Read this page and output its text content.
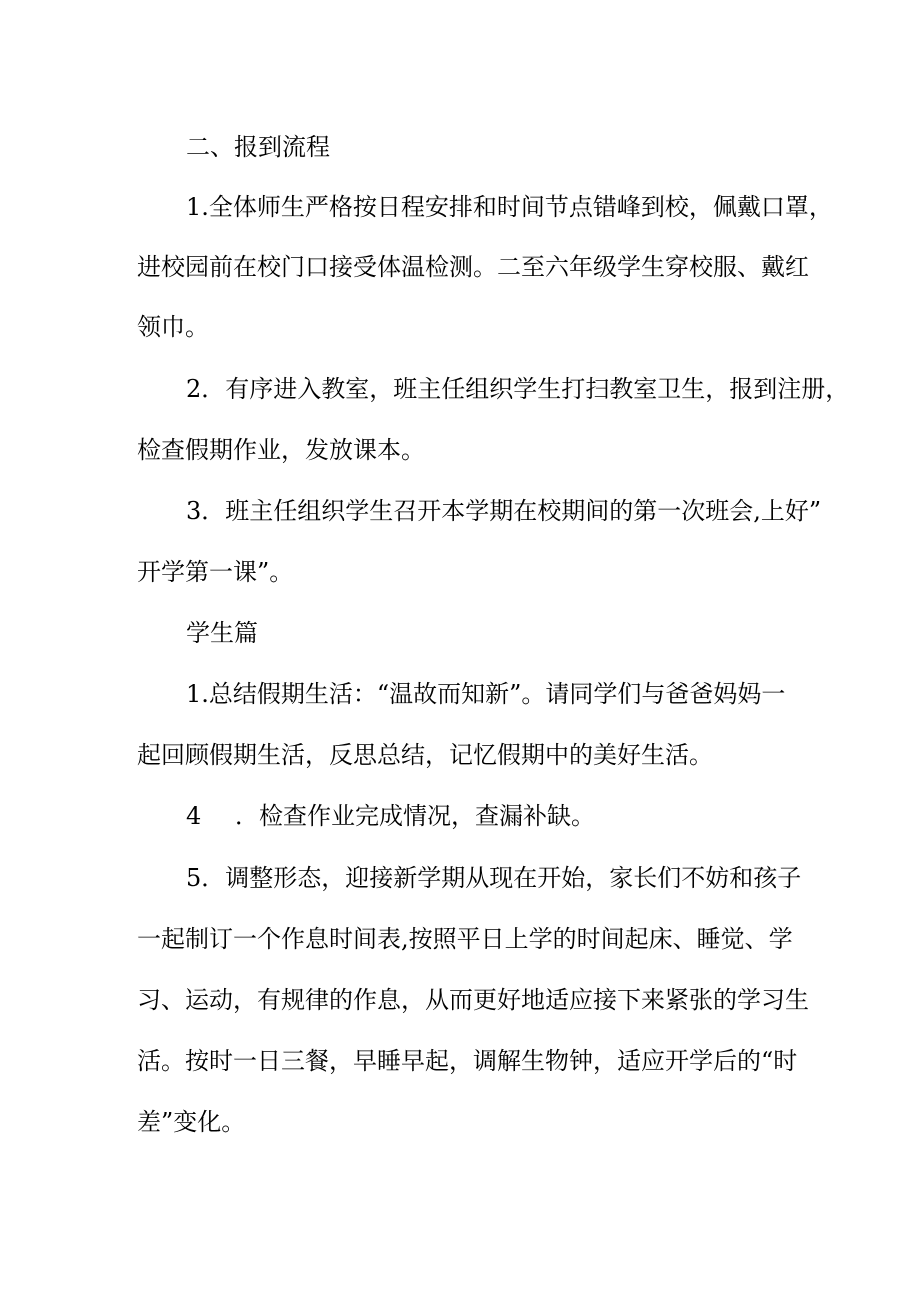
二、报到流程

1.全体师生严格按日程安排和时间节点错峰到校，佩戴口罩，

进校园前在校门口接受体温检测。二至六年级学生穿校服、戴红

领巾。

2．有序进入教室，班主任组织学生打扫教室卫生，报到注册，

检查假期作业，发放课本。

3．班主任组织学生召开本学期在校期间的第一次班会,上好”

开学第一课”。

学生篇

1.总结假期生活：“温故而知新”。请同学们与爸爸妈妈一

起回顾假期生活，反思总结，记忆假期中的美好生活。

4 ．检查作业完成情况，查漏补缺。

5．调整形态，迎接新学期从现在开始，家长们不妨和孩子

一起制订一个作息时间表,按照平日上学的时间起床、睡觉、学

习、运动，有规律的作息，从而更好地适应接下来紧张的学习生

活。按时一日三餐，早睡早起，调解生物钟，适应开学后的“时

差”变化。
